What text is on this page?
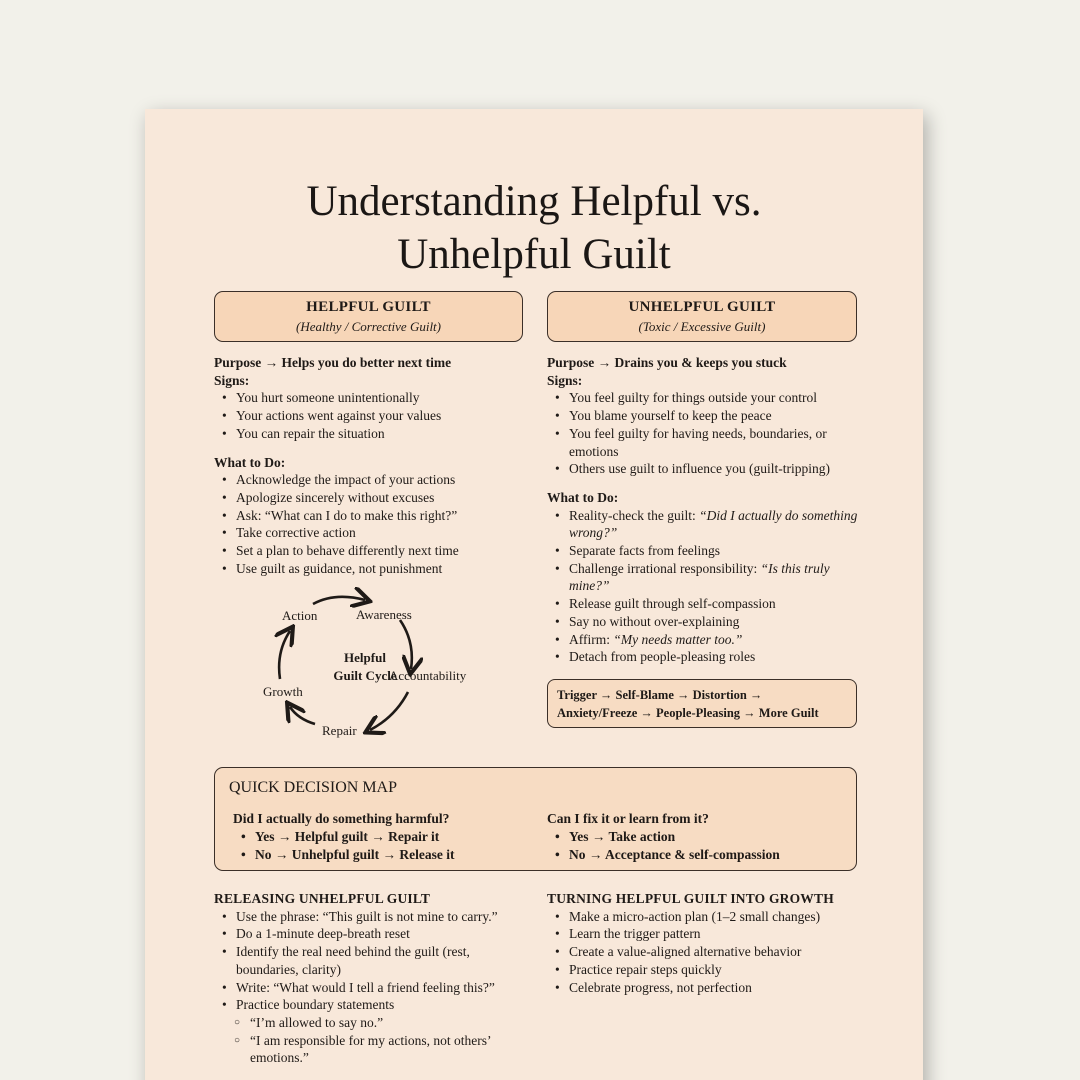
Understanding Helpful vs.
Unhelpful Guilt
HELPFUL GUILT
(Healthy / Corrective Guilt)
UNHELPFUL GUILT
(Toxic / Excessive Guilt)
Purpose → Helps you do better next time
Signs:
• You hurt someone unintentionally
• Your actions went against your values
• You can repair the situation
What to Do:
• Acknowledge the impact of your actions
• Apologize sincerely without excuses
• Ask: “What can I do to make this right?”
• Take corrective action
• Set a plan to behave differently next time
• Use guilt as guidance, not punishment
Action	Awareness
Accountability
Repair
Growth
Helpful
Guilt Cycle
Purpose → Drains you & keeps you stuck
Signs:
• You feel guilty for things outside your control
• You blame yourself to keep the peace
• You feel guilty for having needs, boundaries, or emotions
• Others use guilt to influence you (guilt-tripping)
What to Do:
• Reality-check the guilt: “Did I actually do something wrong?”
• Separate facts from feelings
• Challenge irrational responsibility: “Is this truly mine?”
• Release guilt through self-compassion
• Say no without over-explaining
• Affirm: “My needs matter too.”
• Detach from people-pleasing roles
Trigger → Self-Blame → Distortion →
Anxiety/Freeze → People-Pleasing → More Guilt
QUICK DECISION MAP
Did I actually do something harmful?
• Yes → Helpful guilt → Repair it
• No → Unhelpful guilt → Release it
Can I fix it or learn from it?
• Yes → Take action
• No → Acceptance & self-compassion
RELEASING UNHELPFUL GUILT
• Use the phrase: “This guilt is not mine to carry.”
• Do a 1-minute deep-breath reset
• Identify the real need behind the guilt (rest, boundaries, clarity)
• Write: “What would I tell a friend feeling this?”
• Practice boundary statements
○ “I’m allowed to say no.”
○ “I am responsible for my actions, not others’ emotions.”
TURNING HELPFUL GUILT INTO GROWTH
• Make a micro-action plan (1–2 small changes)
• Learn the trigger pattern
• Create a value-aligned alternative behavior
• Practice repair steps quickly
• Celebrate progress, not perfection
